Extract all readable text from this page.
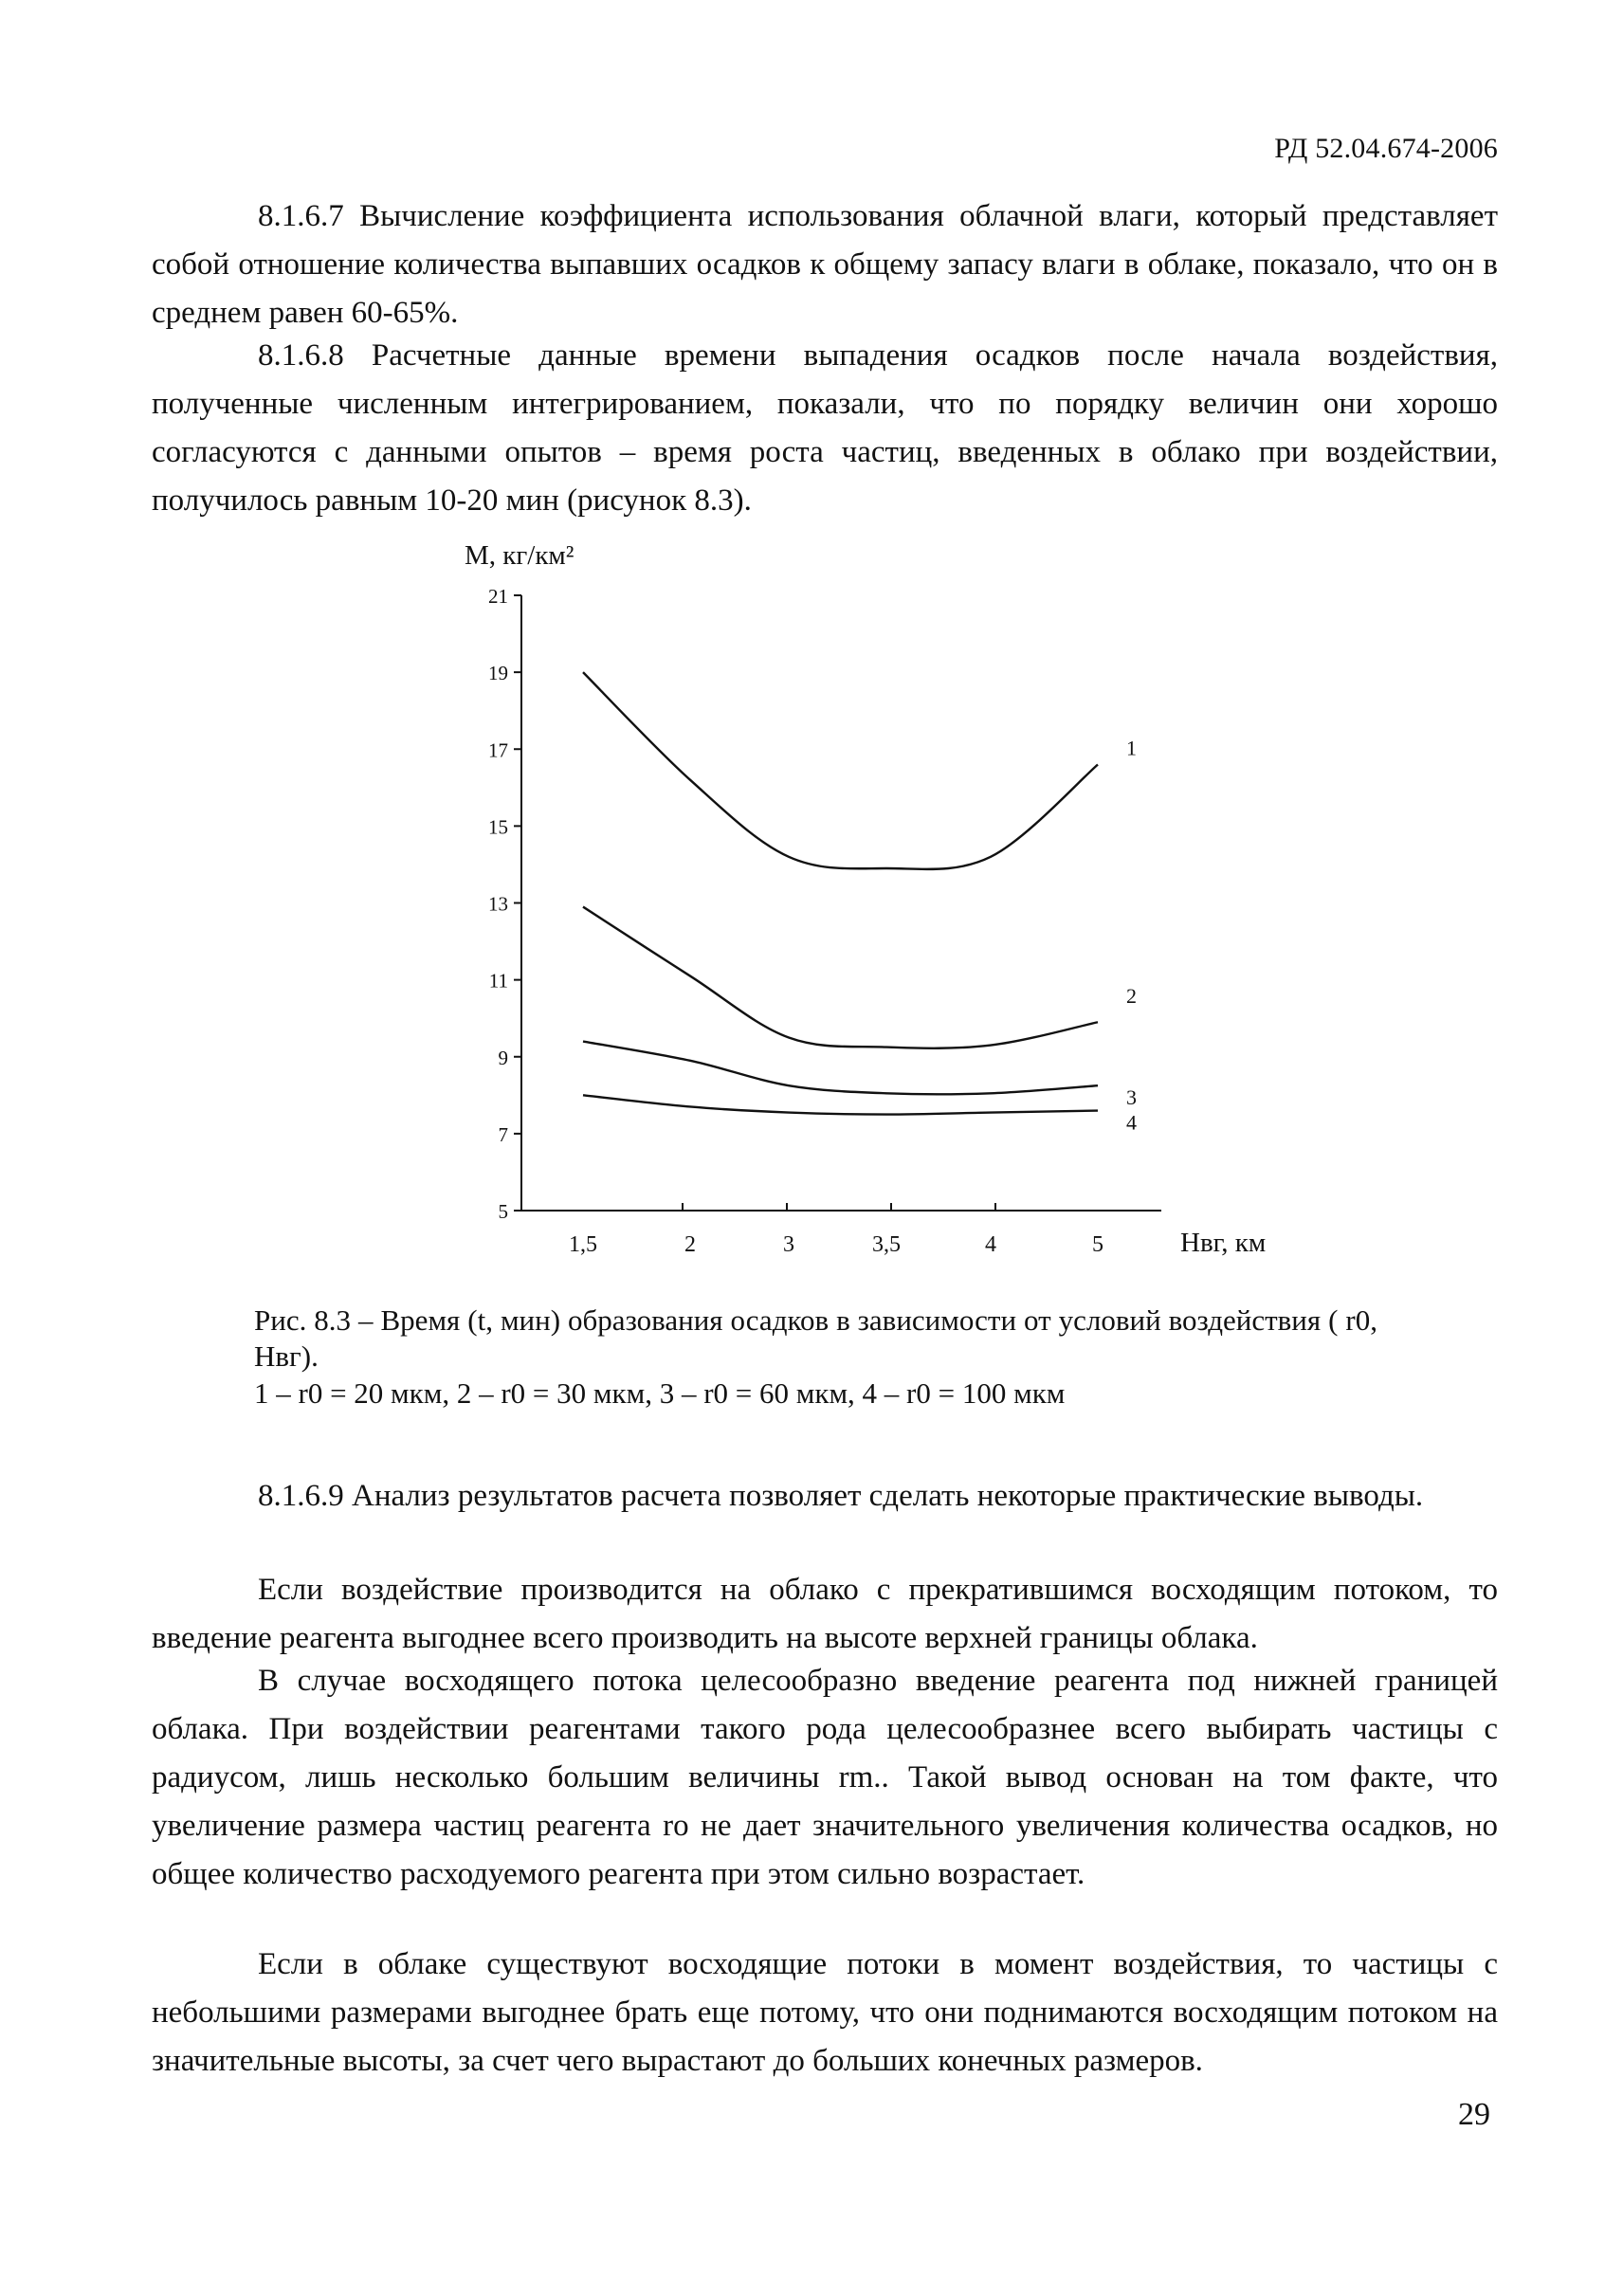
РД 52.04.674-2006

8.1.6.7 Вычисление коэффициента использования облачной влаги, который представляет собой отношение количества выпавших осадков к общему запасу влаги в облаке, показало, что он в среднем равен 60-65%.

8.1.6.8 Расчетные данные времени выпадения осадков после начала воздействия, полученные численным интегрированием, показали, что по порядку величин они хорошо согласуются с данными опытов – время роста частиц, введенных в облако при воздействии, получилось равным 10-20 мин (рисунок 8.3).

М, кг/км²
5
7
9
11
13
15
17
19
21
1,5	2	3	3,5	4	5
1
2
3
4
Нвг, км

Рис. 8.3 – Время (t, мин) образования осадков в зависимости от условий воздействия ( r0, Hвг).

1 – r0 = 20 мкм, 2 – r0 = 30 мкм, 3 – r0 = 60 мкм, 4 – r0 = 100 мкм

8.1.6.9 Анализ результатов расчета позволяет сделать некоторые практические выводы.

Если воздействие производится на облако с прекратившимся восходящим потоком, то введение реагента выгоднее всего производить на высоте верхней границы облака.

В случае восходящего потока целесообразно введение реагента под нижней границей облака. При воздействии реагентами такого рода целесообразнее всего выбирать частицы с радиусом, лишь несколько большим величины rm.. Такой вывод основан на том факте, что увеличение размера частиц реагента ro не дает значительного увеличения количества осадков, но общее количество расходуемого реагента при этом сильно возрастает.

Если в облаке существуют восходящие потоки в момент воздействия, то частицы с небольшими размерами выгоднее брать еще потому, что они поднимаются восходящим потоком на значительные высоты, за счет чего вырастают до больших конечных размеров.

29
